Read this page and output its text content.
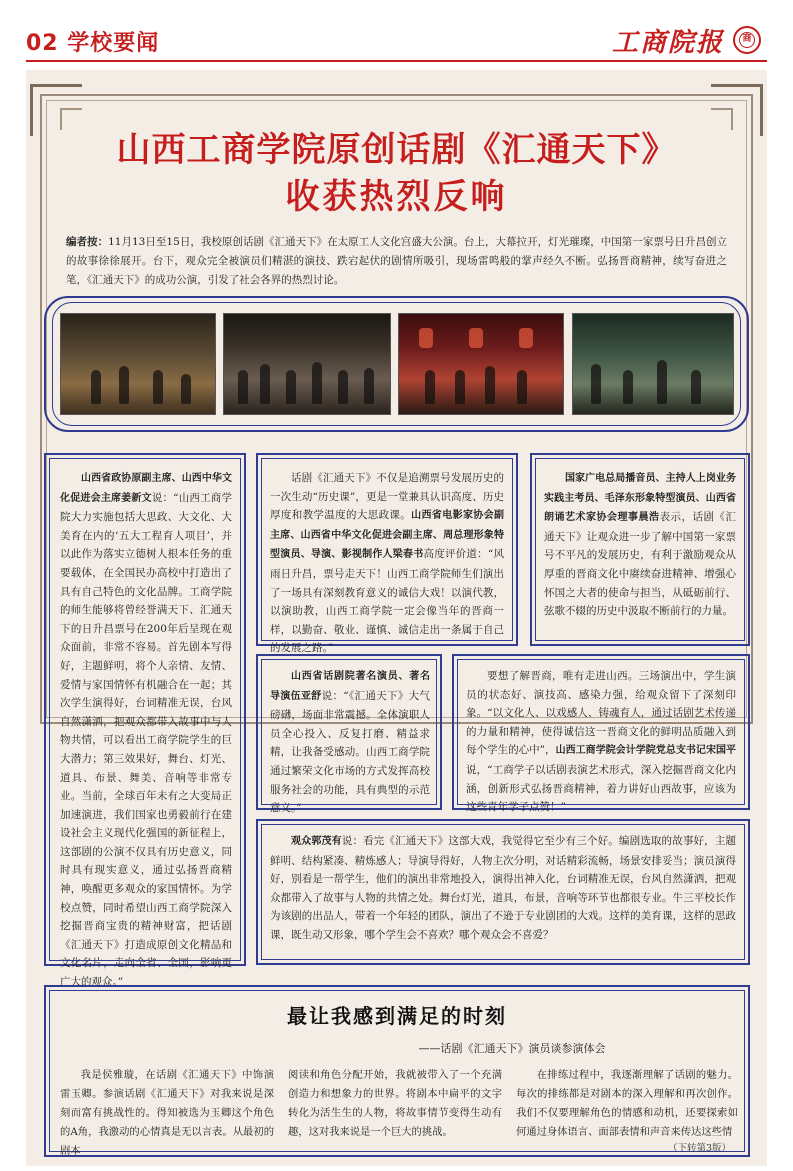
02 学校要闻	工商院报	商
山西工商学院原创话剧《汇通天下》
收获热烈反响
编者按：11月13日至15日，我校原创话剧《汇通天下》在太原工人文化宫盛大公演。台上，大幕拉开，灯光璀璨，中国第一家票号日升昌创立的故事徐徐展开。台下，观众完全被演员们精湛的演技、跌宕起伏的剧情所吸引，现场雷鸣般的掌声经久不断。弘扬晋商精神，续写奋进之笔，《汇通天下》的成功公演，引发了社会各界的热烈讨论。

山西省政协原副主席、山西中华文化促进会主席姜新文说：“山西工商学院大力实施包括大思政、大文化、大美育在内的‘五大工程育人项目’，并以此作为落实立德树人根本任务的重要载体，在全国民办高校中打造出了具有自己特色的文化品牌。工商学院的师生能够将曾经誉满天下、汇通天下的日升昌票号在200年后呈现在观众面前，非常不容易。首先剧本写得好，主题鲜明，将个人亲情、友情、爱情与家国情怀有机融合在一起；其次学生演得好，台词精准无误，台风自然潇洒，把观众都带入故事中与人物共情，可以看出工商学院学生的巨大潜力；第三效果好，舞台、灯光、道具、布景、舞美、音响等非常专业。当前，全球百年未有之大变局正加速演进，我们国家也勇毅前行在建设社会主义现代化强国的新征程上，这部剧的公演不仅具有历史意义，同时具有现实意义，通过弘扬晋商精神，唤醒更多观众的家国情怀。为学校点赞，同时希望山西工商学院深入挖掘晋商宝贵的精神财富，把话剧《汇通天下》打造成原创文化精品和文化名片，走向全省、全国，影响更广大的观众。”

话剧《汇通天下》不仅是追溯票号发展历史的一次生动“历史课”，更是一堂兼具认识高度、历史厚度和教学温度的大思政课。山西省电影家协会副主席、山西省中华文化促进会副主席、周总理形象特型演员、导演、影视制作人梁春书高度评价道：“风雨日升昌，票号走天下！山西工商学院师生们演出了一场具有深刻教育意义的诚信大戏！以演代教，以演助教，山西工商学院一定会像当年的晋商一样，以勤奋、敬业、谨慎、诚信走出一条属于自己的发展之路。”

国家广电总局播音员、主持人上岗业务实践主考员、毛泽东形象特型演员、山西省朗诵艺术家协会理事晨浩表示，话剧《汇通天下》让观众进一步了解中国第一家票号不平凡的发展历史，有利于激励观众从厚重的晋商文化中赓续奋进精神、增强心怀国之大者的使命与担当，从砥砺前行、弦歌不辍的历史中汲取不断前行的力量。

山西省话剧院著名演员、著名导演伍亚舒说：“《汇通天下》大气磅礴，场面非常震撼。全体演职人员全心投入、反复打磨、精益求精，让我备受感动。山西工商学院通过繁荣文化市场的方式发挥高校服务社会的功能，具有典型的示范意义。”

要想了解晋商，唯有走进山西。三场演出中，学生演员的状态好、演技高、感染力强，给观众留下了深刻印象。“以文化人、以戏感人、铸魂育人，通过话剧艺术传递的力量和精神，使得诚信这一晋商文化的鲜明品质融入到每个学生的心中”，山西工商学院会计学院党总支书记宋国平说，“工商学子以话剧表演艺术形式，深入挖掘晋商文化内涵，创新形式弘扬晋商精神，着力讲好山西故事，应该为这些青年学子点赞！”

观众郭茂有说：看完《汇通天下》这部大戏，我觉得它至少有三个好。编剧选取的故事好，主题鲜明、结构紧凑、精炼感人；导演导得好，人物主次分明，对话精彩流畅，场景安排妥当；演员演得好，别看是一帮学生，他们的演出非常地投入，演得出神入化，台词精准无误，台风自然潇洒，把观众都带入了故事与人物的共情之处。舞台灯光，道具，布景，音响等环节也都很专业。牛三平校长作为该剧的出品人，带着一个年轻的团队，演出了不逊于专业剧团的大戏。这样的美育课，这样的思政课，既生动又形象，哪个学生会不喜欢？哪个观众会不喜爱？

最让我感到满足的时刻
——话剧《汇通天下》演员谈参演体会
我是侯雅璇，在话剧《汇通天下》中饰演雷玉卿。参演话剧《汇通天下》对我来说是深刻而富有挑战性的。得知被选为玉卿这个角色的A角，我激动的心情真是无以言表。从最初的剧本
阅读和角色分配开始，我就被带入了一个充满创造力和想象力的世界。将剧本中扁平的文字转化为活生生的人物，将故事情节变得生动有趣，这对我来说是一个巨大的挑战。
在排练过程中，我逐渐理解了话剧的魅力。每次的排练都是对剧本的深入理解和再次创作。我们不仅要理解角色的情感和动机，还要探索如何通过身体语言、面部表情和声音来传达这些情
（下转第3版）
